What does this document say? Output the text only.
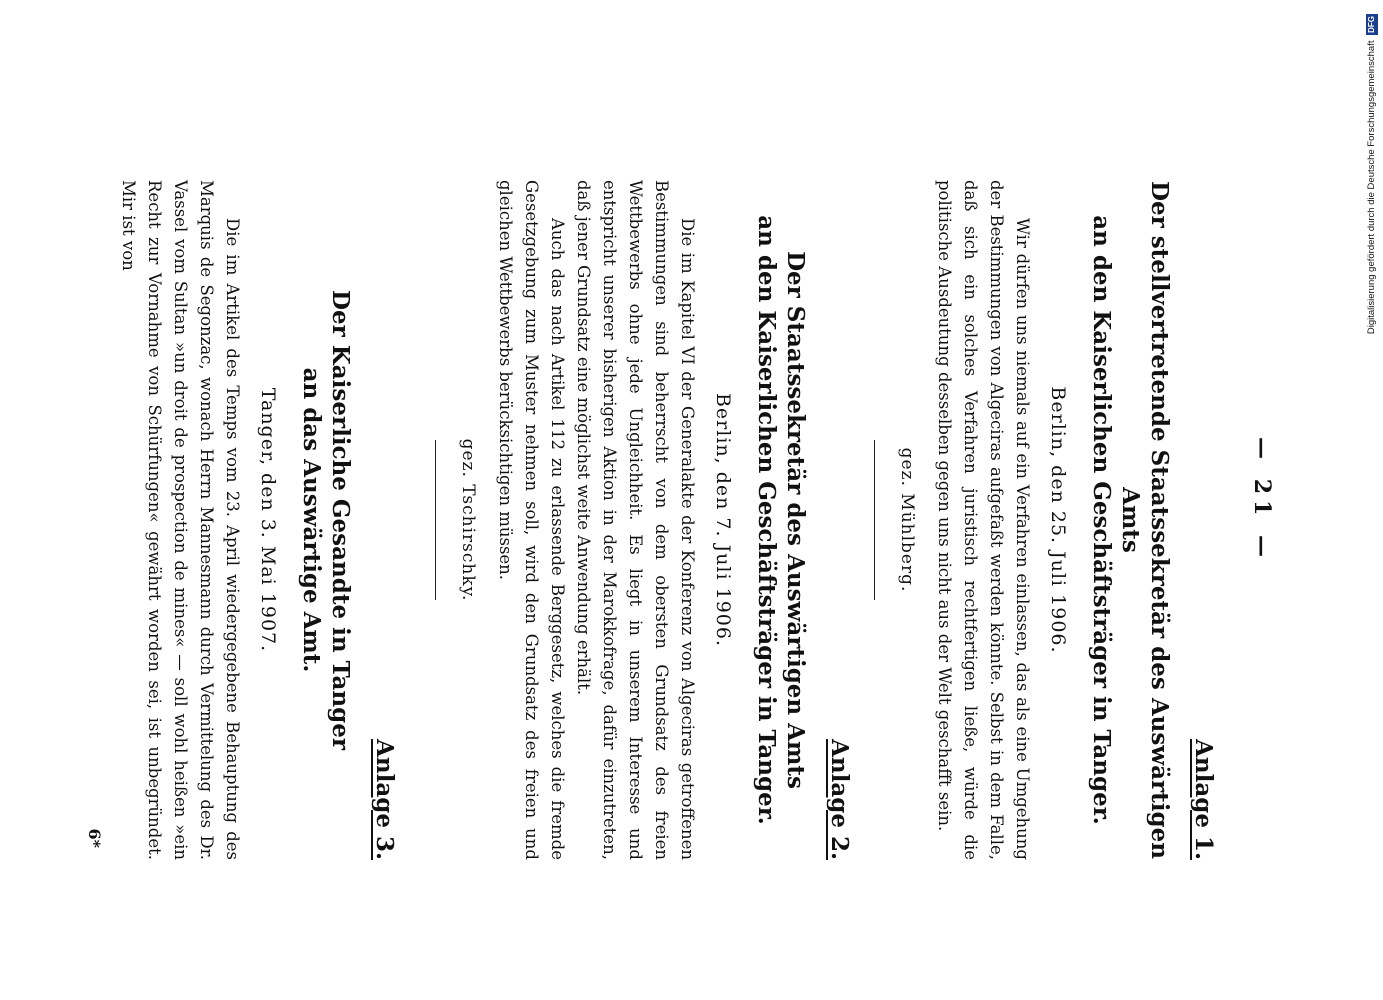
— 21 —
Anlage 1.
Der stellvertretende Staatssekretär des Auswärtigen Amts
an den Kaiserlichen Geschäftsträger in Tanger.
Berlin, den 25. Juli 1906.

Wir dürfen uns niemals auf ein Verfahren einlassen, das als eine Umgehung der Bestimmungen von Algeciras aufgefaßt werden könnte. Selbst in dem Falle, daß sich ein solches Verfahren juristisch rechtfertigen ließe, würde die politische Ausdeutung desselben gegen uns nicht aus der Welt geschafft sein.

gez. Mühlberg.
Anlage 2.
Der Staatssekretär des Auswärtigen Amts
an den Kaiserlichen Geschäftsträger in Tanger.
Berlin, den 7. Juli 1906.

Die im Kapitel VI der Generalakte der Konferenz von Algeciras getroffenen Bestimmungen sind beherrscht von dem obersten Grundsatz des freien Wettbewerbs ohne jede Ungleichheit. Es liegt in unserem Interesse und entspricht unserer bisherigen Aktion in der Marokkofrage, dafür einzutreten, daß jener Grundsatz eine möglichst weite Anwendung erhält.

Auch das nach Artikel 112 zu erlassende Berggesetz, welches die fremde Gesetzgebung zum Muster nehmen soll, wird den Grundsatz des freien und gleichen Wettbewerbs berücksichtigen müssen.

gez. Tschirschky.
Anlage 3.
Der Kaiserliche Gesandte in Tanger
an das Auswärtige Amt.
Tanger, den 3. Mai 1907.

Die im Artikel des Temps vom 23. April wiedergegebene Behauptung des Marquis de Segonzac, wonach Herrn Mannesmann durch Vermittelung des Dr. Vassel vom Sultan »un droit de prospection de mines« — soll wohl heißen »ein Recht zur Vornahme von Schürfungen« gewährt worden sei, ist unbegründet. Mir ist von

6*
Digitalisierung gefördert durch die Deutsche Forschungsgemeinschaft DFG
